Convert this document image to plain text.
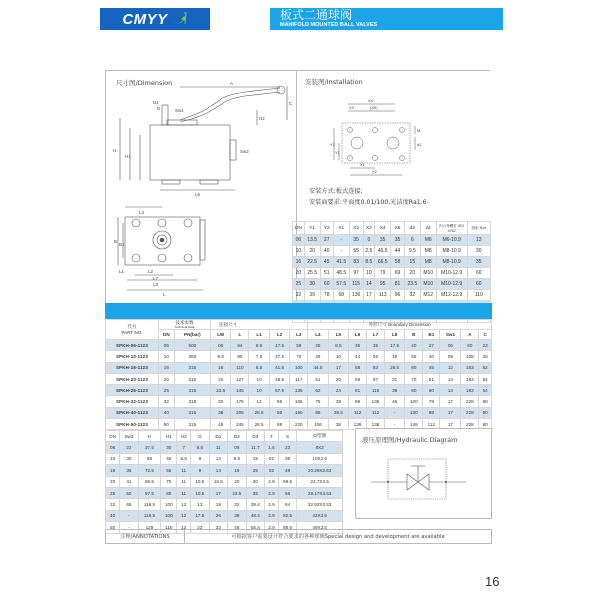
CMYY	板式二通球阀
MANIFOLD MOUNTED BALL VALVES
尺寸图/Dimension	A
C
D1
D	Sw1
H2
Sw2
H
H1
L6
L4
B
B1
L1	L2
L7
L3
L
安装图/Installation
X4
X3	(X5)
Y2
Y1
M
d2
X1
X2
安装方式:板式连接;
安装面要求:平面度0.01/100,光洁度Ra1.6
DN	Y1	Y2	X1	X2	X3	X4	X5	d2	M	内六角螺钉 ISO 4762	扭矩 N.m
06	13.5	27	-	35	0	35	35	6	M6	M6-10.9	13
10	20	40	-	55	2.5	46.5	44	9.5	M8	M8-10.9	30
16	22.5	45	41.5	83	8.5	66.5	58	15	M8	M8-10.9	35
20	25.5	51	48.5	97	10	79	69	20	M10	M10-12.9	60
25	30	60	57.5	115	14	95	81	23.5	M10	M10-12.9	60
32	39	78	68	136	17	113	96	32	M12	M12-12.9	110

代号
PART NO.

技术参数
Technical Data	连接尺寸	外形尺寸 Boundary Dimension
	DN	PN(bar)	LW	L	L1	L2	L3	L4	L5	L6	L7	L8	B	B1	Sw1	A	C
SPKH-06-1123	06	500	06	64	8.5	17.5	59	25	8.5	35	35	17.5	40	27	06	60	23
SPKH-10-1123	10	350	9.5	80	7.5	27.5	70	29	10	44	55	19	55	40	09	108	28
SPKH-16-1123	16	315	16	110	8.5	41.5	100	44.5	17	58	83	26.5	60	45	12	163	52
SPKH-20-1123	20	315	20	127	10	48.5	117	51	20	69	97	31	70	51	14	183	54
SPKH-25-1123	25	315	23.5	145	10	57.5	135	62	24	81	115	38	80	60	14	183	54
SPKH-32-1123	32	315	30	176	12	68	165	75	29	96	136	46	100	78	17	228	80
SPKH-40-1123	40	315	38	205	28.5	56	180	85	28.5	112	112	-	130	98	17	228	80
SPKH-50-1123	50	315	48	245	28.5	68	220	106	38	136	136	-	149	112	17	228	80
DN	Sw2	H	H1	H2	D	D1	D2	D3	T	S	O型圈
06	22	37.5	30	7	6.6	11	06	11.7	1.6	23	8X2
10	30	58	45	8.5	9	14	9.5	15	02	36	10X2.6
16	36	72.5	55	11	9	14	16	25	02	48	20.29X2.62
20	41	86.5	70	11	10.5	16.5	20	30	2.9	59.5	23.7X3.5
25	50	97.5	80	11	10.5	17	23.5	35	2.9	68	28.17X3.53
32	65	118.5	100	12	13	19	32	39.4	2.9	84	32.92X3.53
40	-	118.5	100	12	17.5	26	38	48.4	2.9	82.5	42X3.5
50	-	129	110	12	22	33	48	55.4	2.9	88.5	49X3.5
液压原理图/Hydraulic Diagram
注释/ANNOTATIONS	可根据客户需要设计符合要求的各种球阀Special design and development are available
16
